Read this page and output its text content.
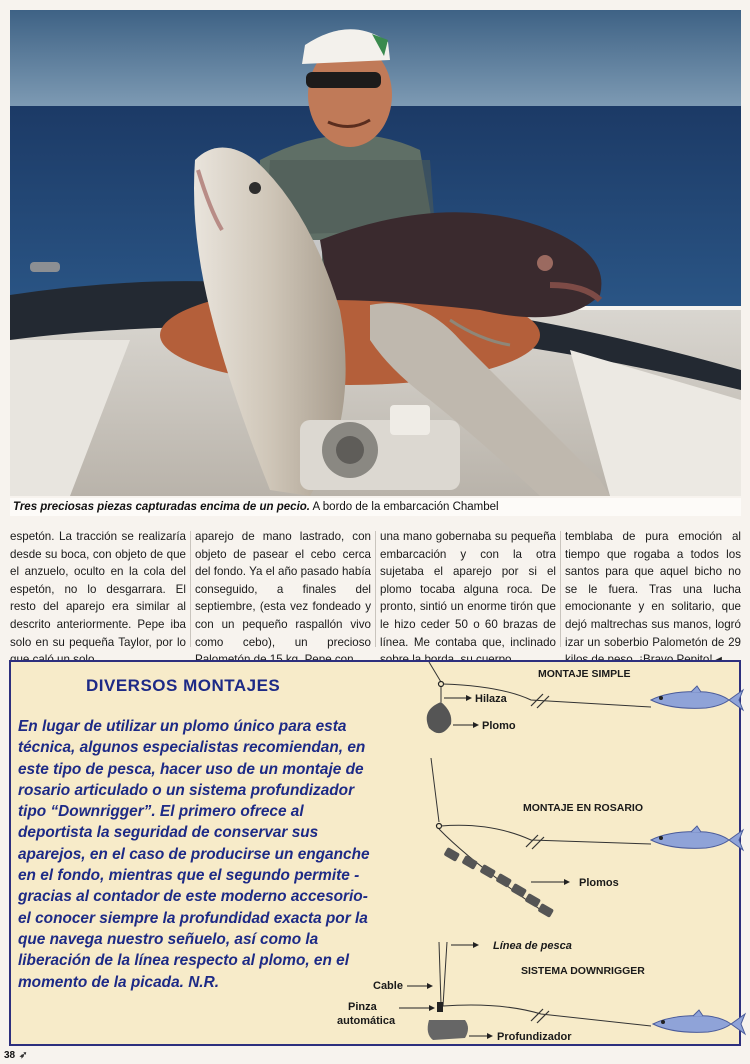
Tres preciosas piezas capturadas encima de un pecio. A bordo de la embarcación Chambel

espetón. La tracción se realizaría desde su boca, con objeto de que el anzuelo, oculto en la cola del espetón, no lo desgarrara. El resto del aparejo era similar al descrito anteriormente. Pepe iba solo en su pequeña Taylor, por lo

aparejo de mano lastrado, con objeto de pasear el cebo cerca del fondo. Ya el año pasado había conseguido, a finales del septiembre, (esta vez fondeado y con un pequeño raspallón vivo como cebo), un precioso

una mano gobernaba su pequeña embarcación y con la otra sujetaba el aparejo por si el plomo tocaba alguna roca. De pronto, sintió un enorme tirón que le hizo ceder 50 o 60 brazas de línea. Me contaba que, inclinado

temblaba de pura emoción al tiempo que rogaba a todos los santos para que aquel bicho no se le fuera. Tras una lucha emocionante y en solitario, que dejó maltrechas sus manos, logró izar un soberbio Palometón de 29

DIVERSOS MONTAJES

En lugar de utilizar un plomo único para esta técnica, algunos especialistas recomiendan, en este tipo de pesca, hacer uso de un montaje de rosario articulado o un sistema profundizador tipo “Downrigger”. El primero ofrece al deportista la seguridad de conservar sus aparejos, en el caso de producirse un enganche en el fondo, mientras que el segundo permite -gracias al contador de este moderno accesorio- el conocer siempre la profundidad exacta por la que navega nuestro señuelo, así como la liberación de la línea respecto al plomo, en el momento de la picada. N.R.

MONTAJE SIMPLE
Hilaza
Plomo
MONTAJE EN ROSARIO
Plomos
Línea de pesca
SISTEMA DOWNRIGGER
Cable
Pinza
automática
Profundizador
38 ➶
